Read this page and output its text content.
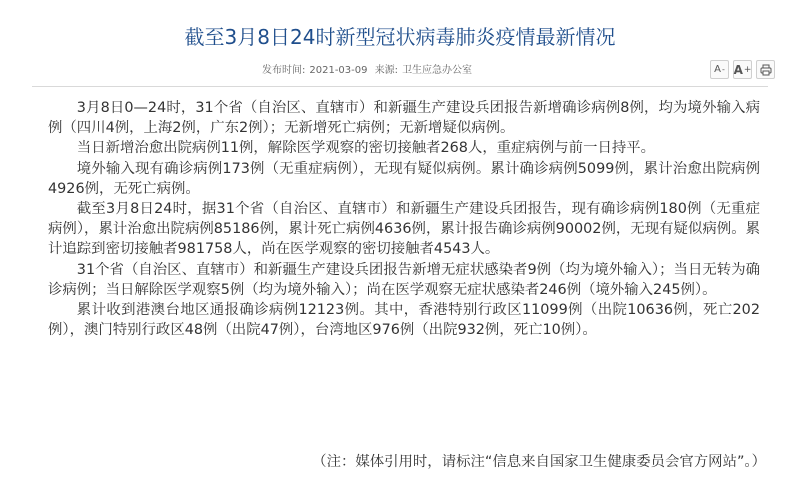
截至3月8日24时新型冠状病毒肺炎疫情最新情况
发布时间: 2021-03-09 来源: 卫生应急办公室	A - A +

3月8日0—24时，31个省（自治区、直辖市）和新疆生产建设兵团报告新增确诊病例8例，均为境外输入病例（四川4例，上海2例，广东2例）；无新增死亡病例；无新增疑似病例。

当日新增治愈出院病例11例，解除医学观察的密切接触者268人，重症病例与前一日持平。

境外输入现有确诊病例173例（无重症病例），无现有疑似病例。累计确诊病例5099例，累计治愈出院病例4926例，无死亡病例。

截至3月8日24时，据31个省（自治区、直辖市）和新疆生产建设兵团报告，现有确诊病例180例（无重症病例），累计治愈出院病例85186例，累计死亡病例4636例，累计报告确诊病例90002例，无现有疑似病例。累计追踪到密切接触者981758人，尚在医学观察的密切接触者4543人。

31个省（自治区、直辖市）和新疆生产建设兵团报告新增无症状感染者9例（均为境外输入）；当日无转为确诊病例；当日解除医学观察5例（均为境外输入）；尚在医学观察无症状感染者246例（境外输入245例）。

累计收到港澳台地区通报确诊病例12123例。其中，香港特别行政区11099例（出院10636例，死亡202例），澳门特别行政区48例（出院47例），台湾地区976例（出院932例，死亡10例）。

（注：媒体引用时，请标注“信息来自国家卫生健康委员会官方网站”。）
